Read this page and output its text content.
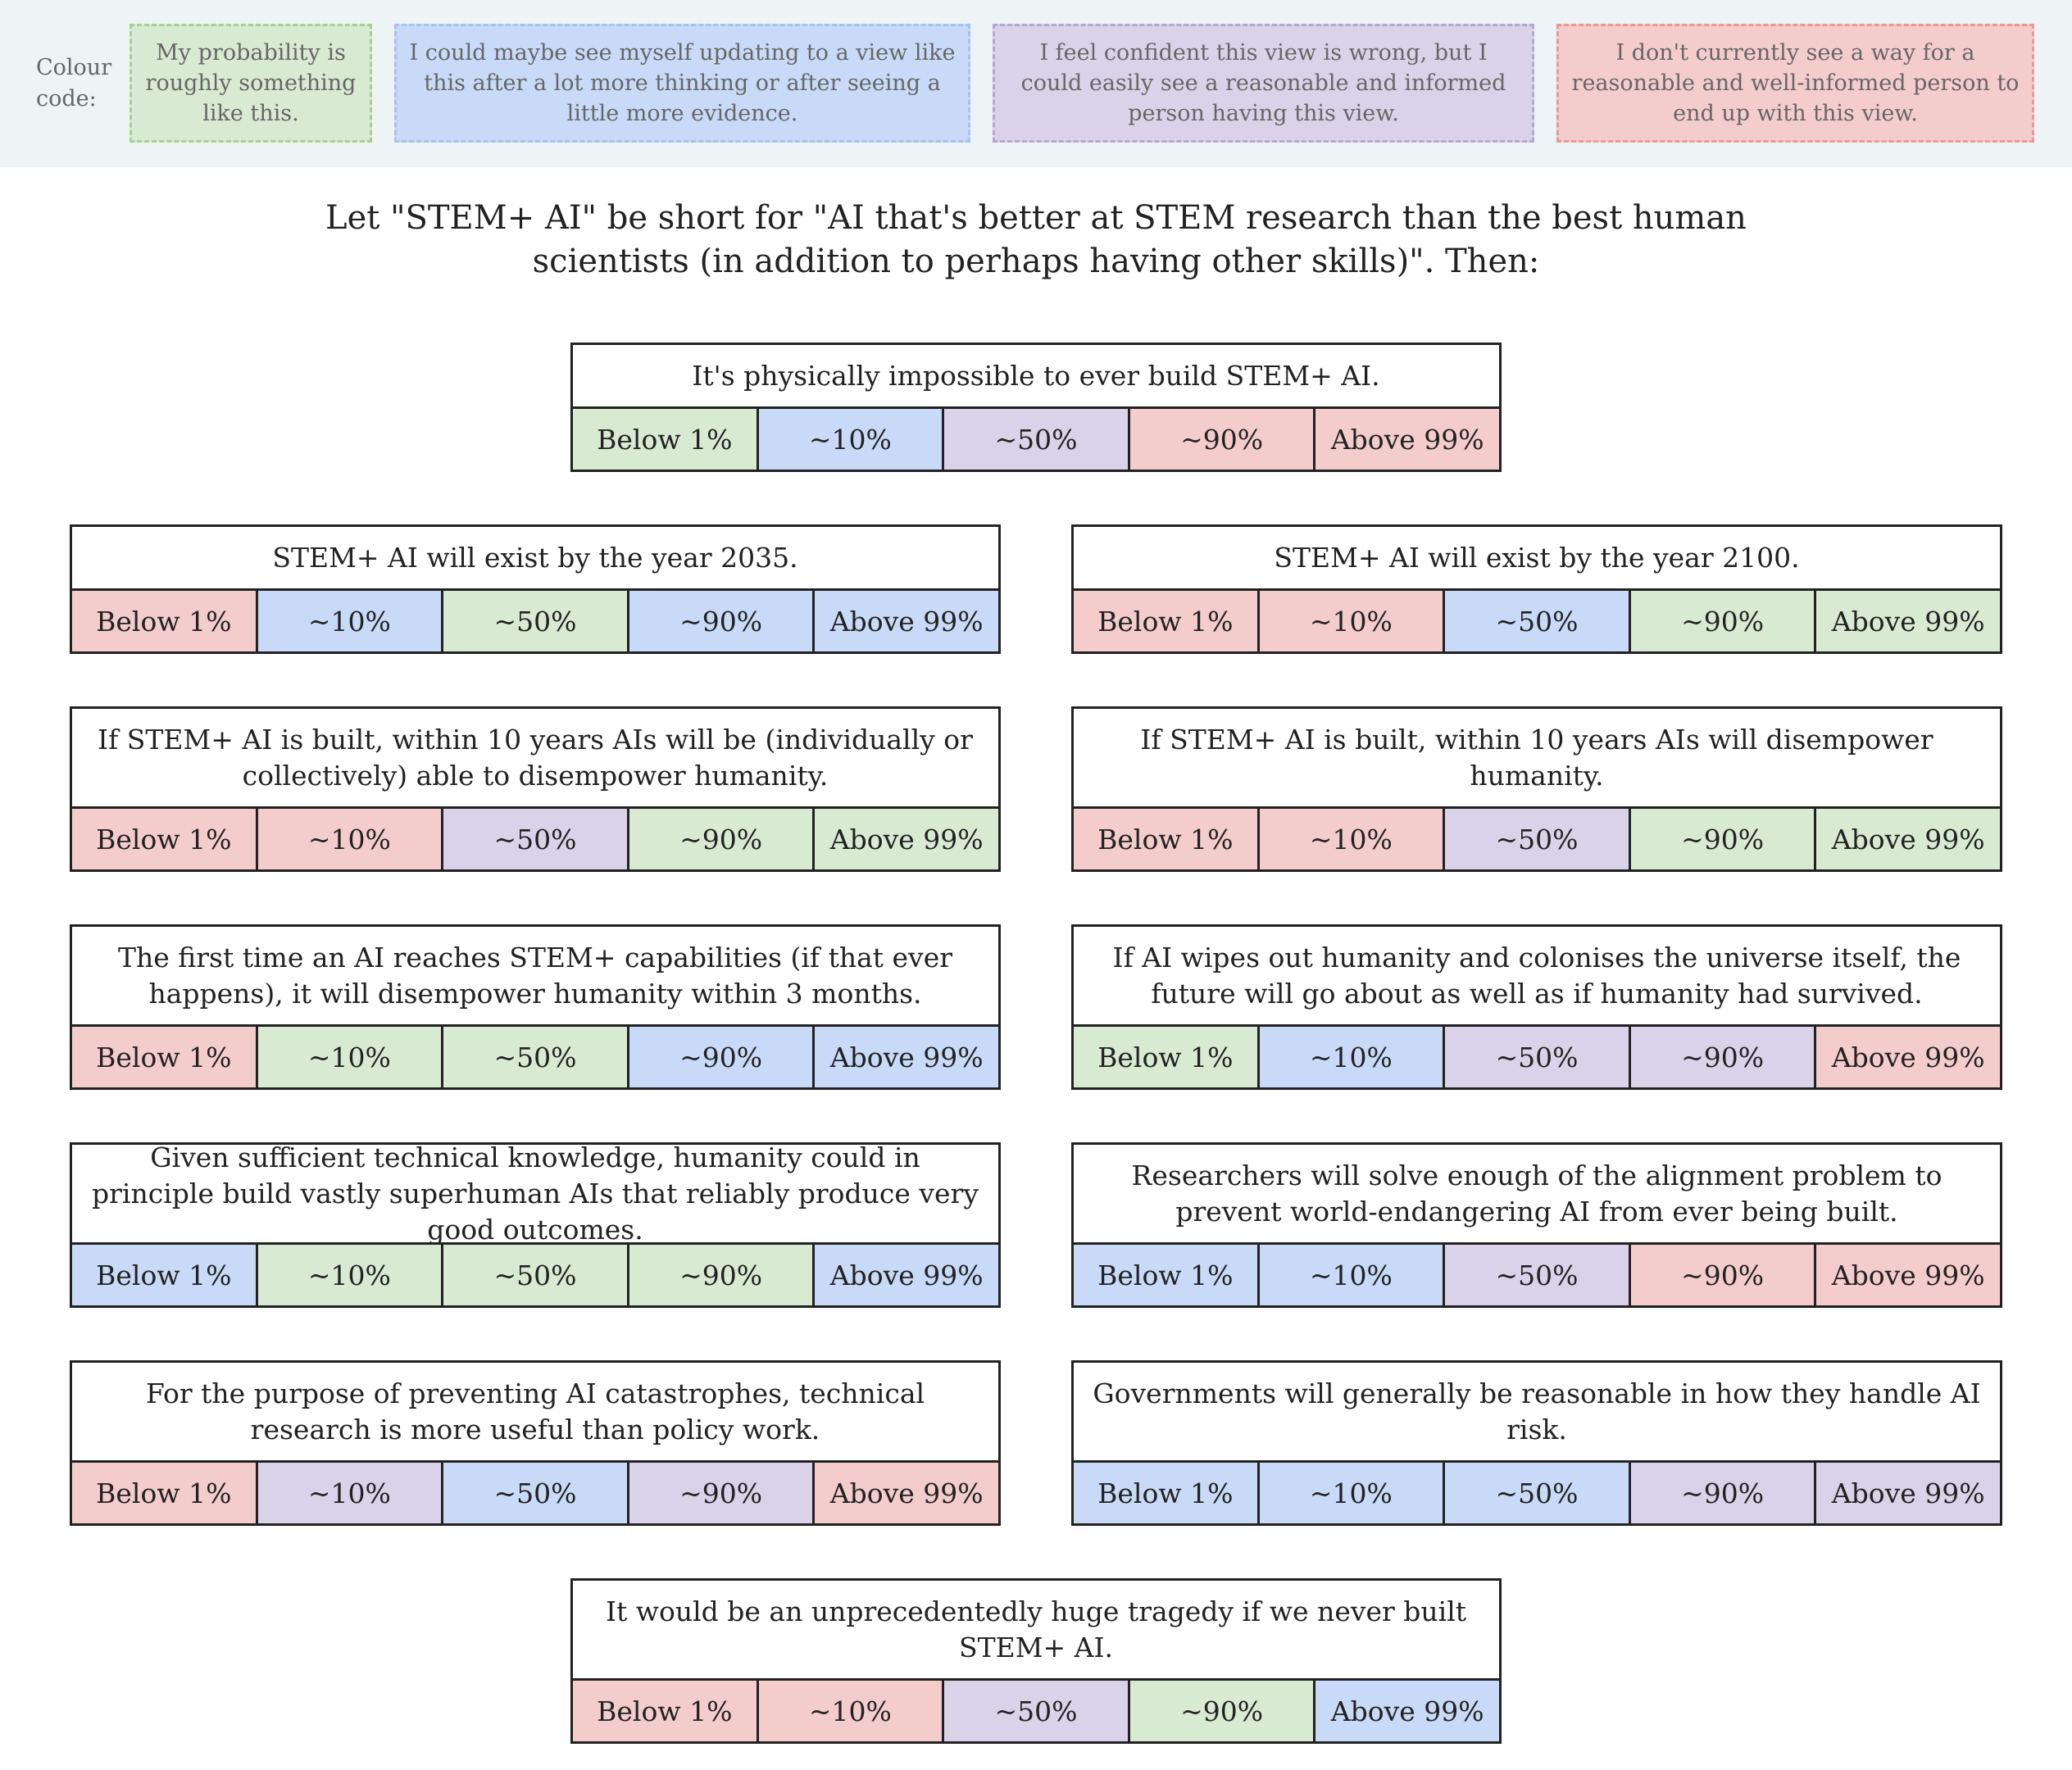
Colour code:
My probability is roughly something like this.
I could maybe see myself updating to a view like this after a lot more thinking or after seeing a little more evidence.
I feel confident this view is wrong, but I could easily see a reasonable and informed person having this view.
I don't currently see a way for a reasonable and well-informed person to end up with this view.
Let "STEM+ AI" be short for "AI that's better at STEM research than the best human scientists (in addition to perhaps having other skills)". Then:
It's physically impossible to ever build STEM+ AI.
Below 1%	~10%	~50%	~90%	Above 99%
STEM+ AI will exist by the year 2035.
Below 1%	~10%	~50%	~90%	Above 99%
STEM+ AI will exist by the year 2100.
Below 1%	~10%	~50%	~90%	Above 99%
If STEM+ AI is built, within 10 years AIs will be (individually or collectively) able to disempower humanity.
Below 1%	~10%	~50%	~90%	Above 99%
If STEM+ AI is built, within 10 years AIs will disempower humanity.
Below 1%	~10%	~50%	~90%	Above 99%
The first time an AI reaches STEM+ capabilities (if that ever happens), it will disempower humanity within 3 months.
Below 1%	~10%	~50%	~90%	Above 99%
If AI wipes out humanity and colonises the universe itself, the future will go about as well as if humanity had survived.
Below 1%	~10%	~50%	~90%	Above 99%
Given sufficient technical knowledge, humanity could in principle build vastly superhuman AIs that reliably produce very good outcomes.
Below 1%	~10%	~50%	~90%	Above 99%
Researchers will solve enough of the alignment problem to prevent world-endangering AI from ever being built.
Below 1%	~10%	~50%	~90%	Above 99%
For the purpose of preventing AI catastrophes, technical research is more useful than policy work.
Below 1%	~10%	~50%	~90%	Above 99%
Governments will generally be reasonable in how they handle AI risk.
Below 1%	~10%	~50%	~90%	Above 99%
It would be an unprecedentedly huge tragedy if we never built STEM+ AI.
Below 1%	~10%	~50%	~90%	Above 99%
